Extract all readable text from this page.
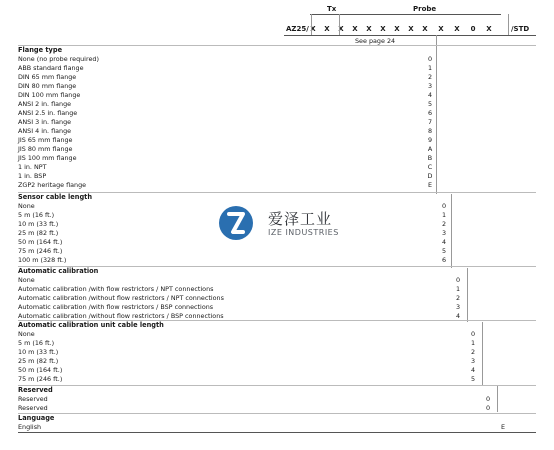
Tx	Probe
AZ25/	/STD
X	X	X	X	X	X	X	X	X	X	X	0	X
See page 24
Flange type
None (no probe required)	0
ABB standard flange	1
DIN 65 mm flange	2
DIN 80 mm flange	3
DIN 100 mm flange	4
ANSI 2 in. flange	5
ANSI 2.5 in. flange	6
ANSI 3 in. flange	7
ANSI 4 in. flange	8
JIS 65 mm flange	9
JIS 80 mm flange	A
JIS 100 mm flange	B
1 in. NPT	C
1 in. BSP	D
ZGP2 heritage flange	E
Sensor cable length
None	0
5 m (16 ft.)	1
10 m (33 ft.)	2
25 m (82 ft.)	3
50 m (164 ft.)	4
75 m (246 ft.)	5
100 m (328 ft.)	6
Automatic calibration
None	0
Automatic calibration /with flow restrictors / NPT connections	1
Automatic calibration /without flow restrictors / NPT connections	2
Automatic calibration /with flow restrictors / BSP connections	3
Automatic calibration /without flow restrictors / BSP connections	4
Automatic calibration unit cable length
None	0
5 m (16 ft.)	1
10 m (33 ft.)	2
25 m (82 ft.)	3
50 m (164 ft.)	4
75 m (246 ft.)	5
Reserved
Reserved	0
Reserved	0
Language
English	E
爱泽工业
IZE INDUSTRIES
